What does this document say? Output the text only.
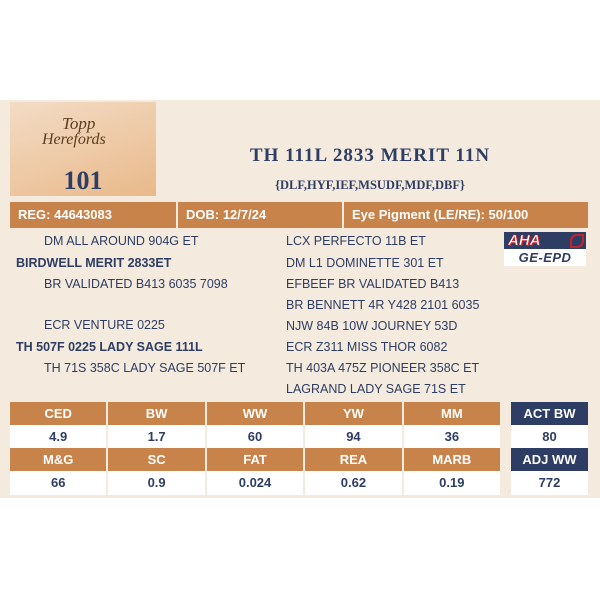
Topp
Herefords
101
TH 111L 2833 MERIT 11N
{DLF,HYF,IEF,MSUDF,MDF,DBF}
REG: 44643083	DOB: 12/7/24	Eye Pigment (LE/RE): 50/100
DM ALL AROUND 904G ET
BIRDWELL MERIT 2833ET
BR VALIDATED B413 6035 7098
ECR VENTURE 0225
TH 507F 0225 LADY SAGE 111L
TH 71S 358C LADY SAGE 507F ET
LCX PERFECTO 11B ET
DM L1 DOMINETTE 301 ET
EFBEEF BR VALIDATED B413
BR BENNETT 4R Y428 2101 6035
NJW 84B 10W JOURNEY 53D
ECR Z311 MISS THOR 6082
TH 403A 475Z PIONEER 358C ET
LAGRAND LADY SAGE 71S ET
AHA
GE-EPD
CED	BW	WW	YW	MM
4.9	1.7	60	94	36
M&G	SC	FAT	REA	MARB
66	0.9	0.024	0.62	0.19
ACT BW
80
ADJ WW
772
